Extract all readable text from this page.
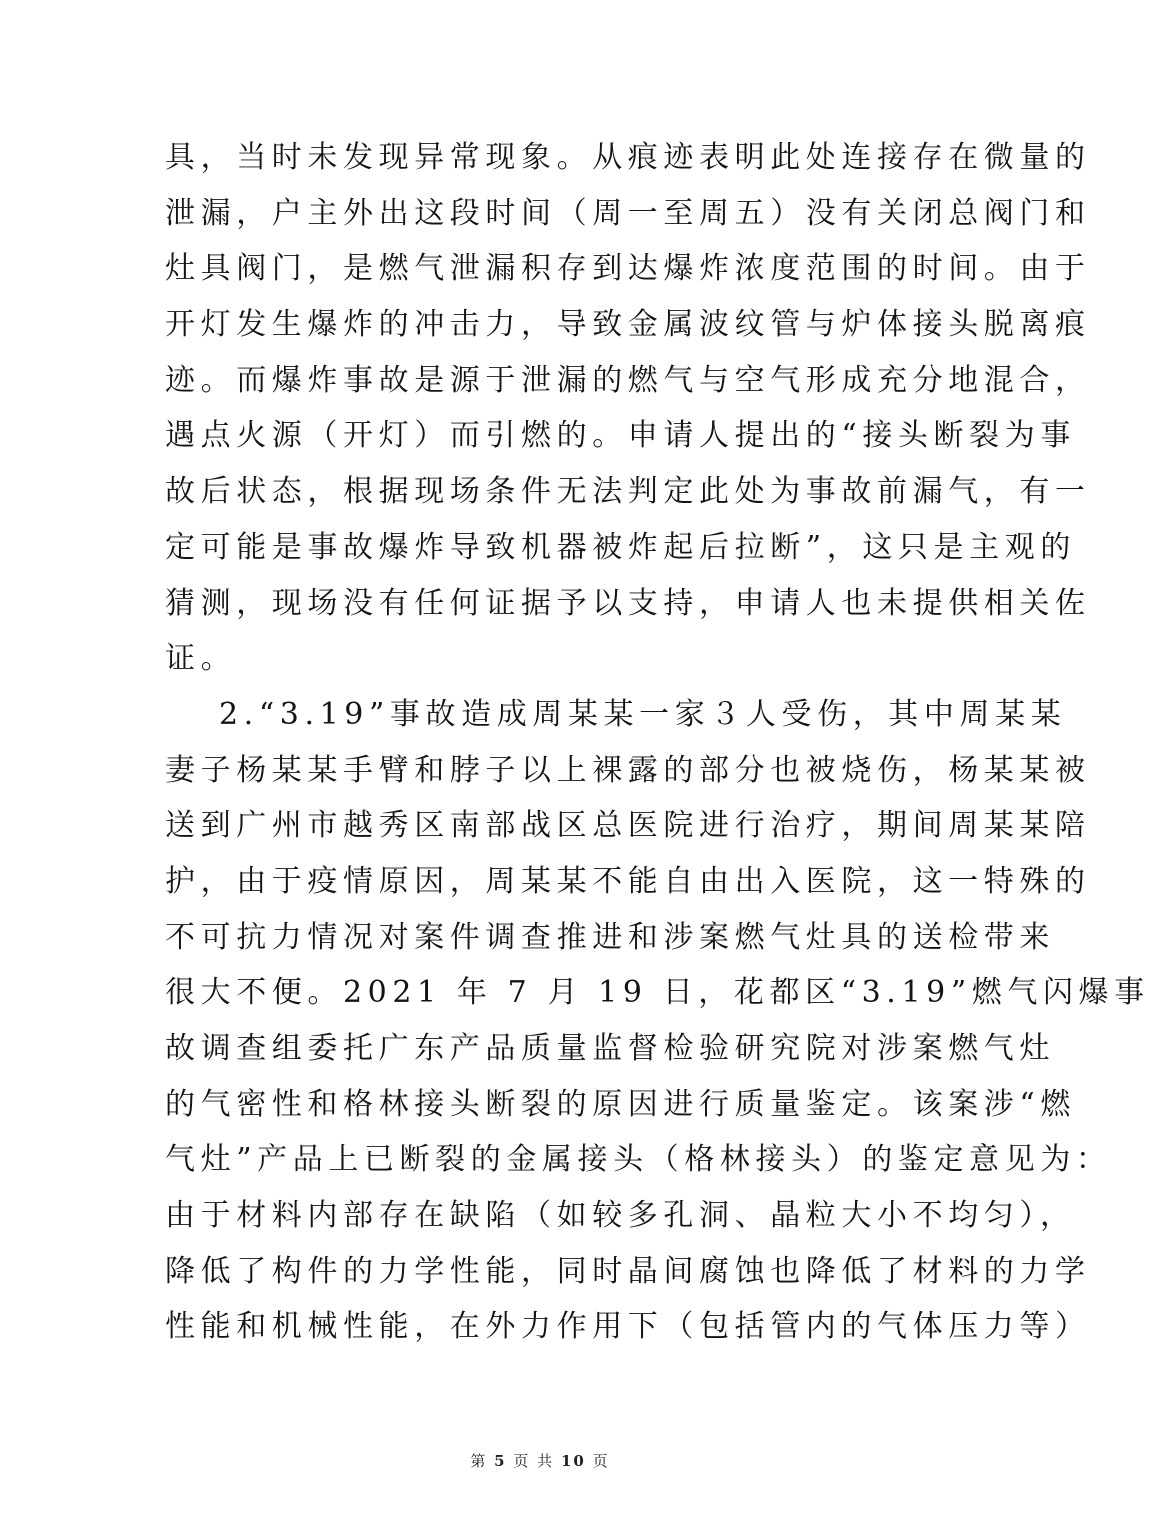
具，当时未发现异常现象。从痕迹表明此处连接存在微量的
泄漏，户主外出这段时间（周一至周五）没有关闭总阀门和
灶具阀门，是燃气泄漏积存到达爆炸浓度范围的时间。由于
开灯发生爆炸的冲击力，导致金属波纹管与炉体接头脱离痕
迹。而爆炸事故是源于泄漏的燃气与空气形成充分地混合，
遇点火源（开灯）而引燃的。申请人提出的“接头断裂为事
故后状态，根据现场条件无法判定此处为事故前漏气，有一
定可能是事故爆炸导致机器被炸起后拉断”，这只是主观的
猜测，现场没有任何证据予以支持，申请人也未提供相关佐
证。
2.“3.19”事故造成周某某一家３人受伤，其中周某某
妻子杨某某手臂和脖子以上裸露的部分也被烧伤，杨某某被
送到广州市越秀区南部战区总医院进行治疗，期间周某某陪
护，由于疫情原因，周某某不能自由出入医院，这一特殊的
不可抗力情况对案件调查推进和涉案燃气灶具的送检带来
很大不便。2021 年 7 月 19 日，花都区“3.19”燃气闪爆事
故调查组委托广东产品质量监督检验研究院对涉案燃气灶
的气密性和格林接头断裂的原因进行质量鉴定。该案涉“燃
气灶”产品上已断裂的金属接头（格林接头）的鉴定意见为：
由于材料内部存在缺陷（如较多孔洞、晶粒大小不均匀），
降低了构件的力学性能，同时晶间腐蚀也降低了材料的力学
性能和机械性能，在外力作用下（包括管内的气体压力等）
第 5 页 共 10 页
